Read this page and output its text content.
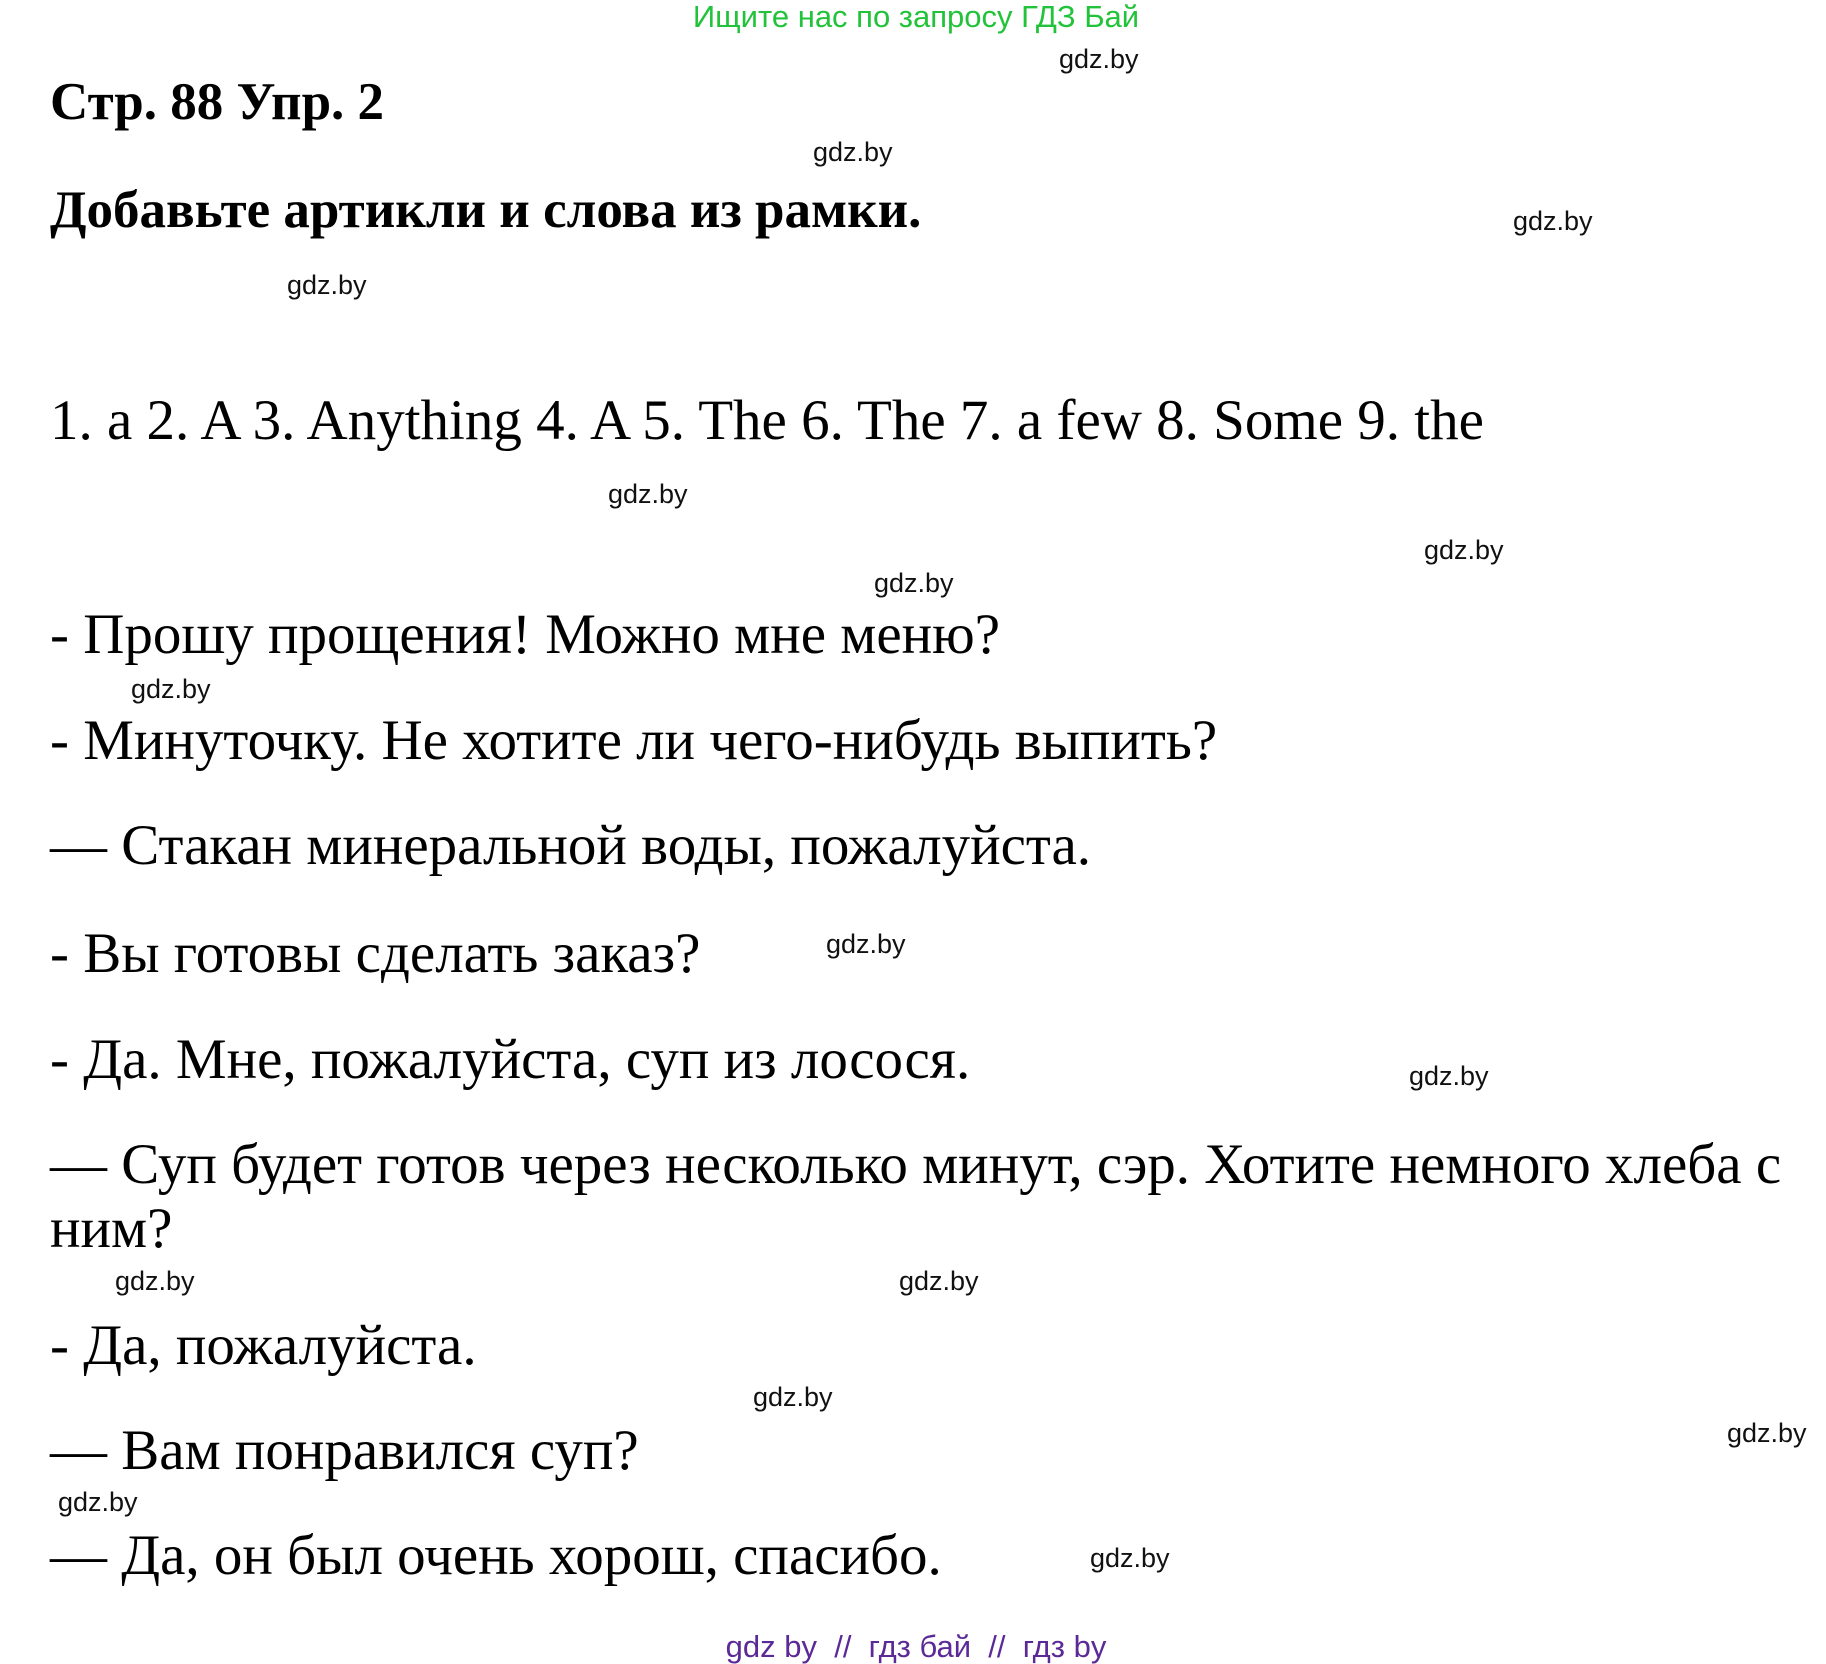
Ищите нас по запросу ГДЗ Бай
Стр. 88 Упр. 2
Добавьте артикли и слова из рамки.
1. a 2. A 3. Anything 4. A 5. The 6. The 7. a few 8. Some 9. the
- Прошу прощения! Можно мне меню?
- Минуточку. Не хотите ли чего-нибудь выпить?
— Стакан минеральной воды, пожалуйста.
- Вы готовы сделать заказ?
- Да. Мне, пожалуйста, суп из лосося.
— Суп будет готов через несколько минут, сэр. Хотите немного хлеба с ним?
- Да, пожалуйста.
— Вам понравился суп?
— Да, он был очень хорош, спасибо.
gdz.by
gdz.by
gdz.by
gdz.by
gdz.by
gdz.by
gdz.by
gdz.by
gdz.by
gdz.by
gdz.by
gdz.by
gdz.by
gdz.by
gdz.by
gdz.by
gdz by  //  гдз бай  //  гдз by
